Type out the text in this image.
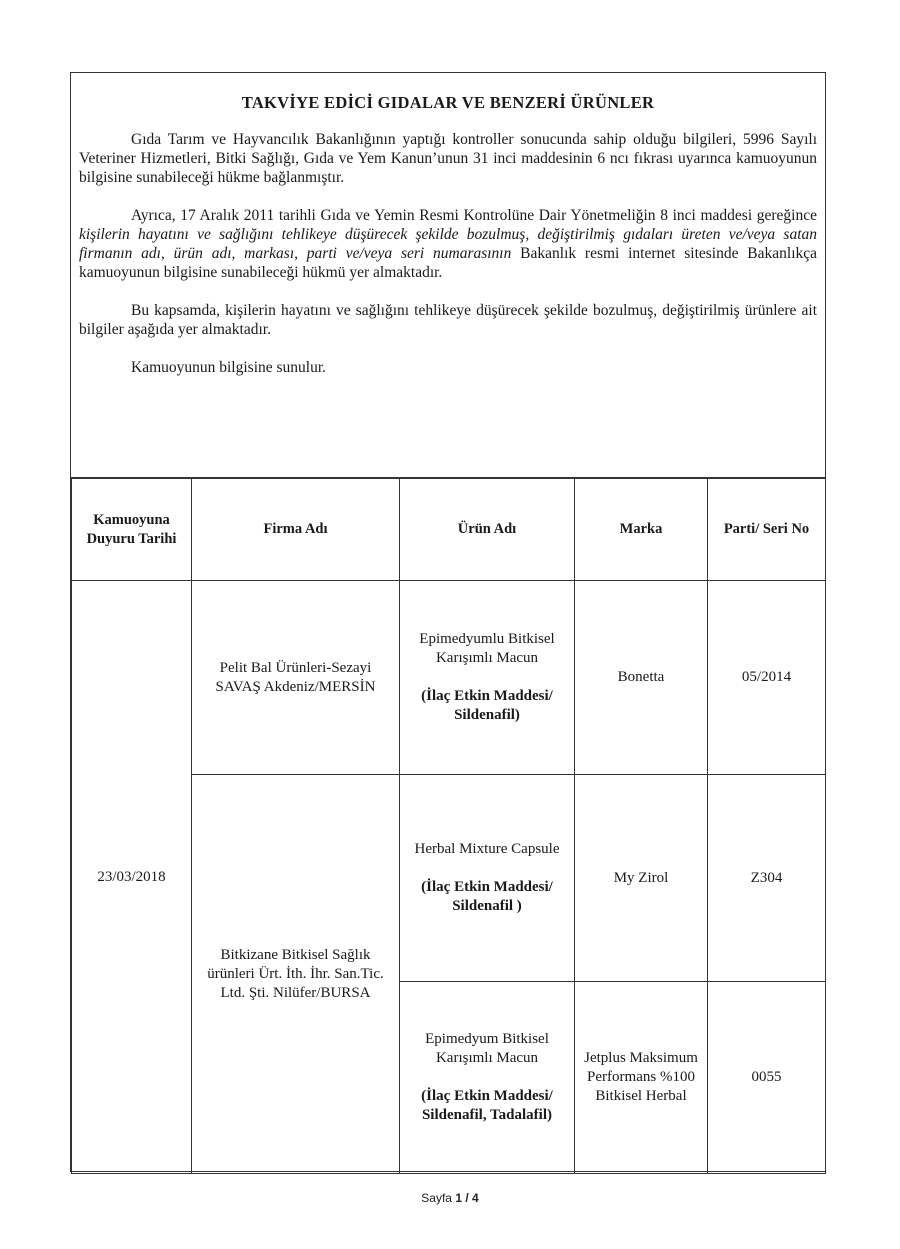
TAKVİYE EDİCİ GIDALAR VE BENZERİ ÜRÜNLER

Gıda Tarım ve Hayvancılık Bakanlığının yaptığı kontroller sonucunda sahip olduğu bilgileri, 5996 Sayılı Veteriner Hizmetleri, Bitki Sağlığı, Gıda ve Yem Kanun’unun 31 inci maddesinin 6 ncı fıkrası uyarınca kamuoyunun bilgisine sunabileceği hükme bağlanmıştır.

Ayrıca, 17 Aralık 2011 tarihli Gıda ve Yemin Resmi Kontrolüne Dair Yönetmeliğin 8 inci maddesi gereğince kişilerin hayatını ve sağlığını tehlikeye düşürecek şekilde bozulmuş, değiştirilmiş gıdaları üreten ve/veya satan firmanın adı, ürün adı, markası, parti ve/veya seri numarasının Bakanlık resmi internet sitesinde Bakanlıkça kamuoyunun bilgisine sunabileceği hükmü yer almaktadır.

Bu kapsamda, kişilerin hayatını ve sağlığını tehlikeye düşürecek şekilde bozulmuş, değiştirilmiş ürünlere ait bilgiler aşağıda yer almaktadır.

Kamuoyunun bilgisine sunulur.

Kamuoyuna Duyuru Tarihi	Firma Adı	Ürün Adı	Marka	Parti/ Seri No
23/03/2018	Pelit Bal Ürünleri-Sezayi SAVAŞ Akdeniz/MERSİN	Epimedyumlu Bitkisel Karışımlı Macun
(İlaç Etkin Maddesi/ Sildenafil)	Bonetta	05/2014
	Bitkizane Bitkisel Sağlık ürünleri Ürt. İth. İhr. San.Tic. Ltd. Şti. Nilüfer/BURSA	Herbal Mixture Capsule
(İlaç Etkin Maddesi/ Sildenafil )	My Zirol	Z304

		Epimedyum Bitkisel Karışımlı Macun
(İlaç Etkin Maddesi/ Sildenafil, Tadalafil)	Jetplus Maksimum Performans %100 Bitkisel Herbal	0055
Sayfa 1 / 4
